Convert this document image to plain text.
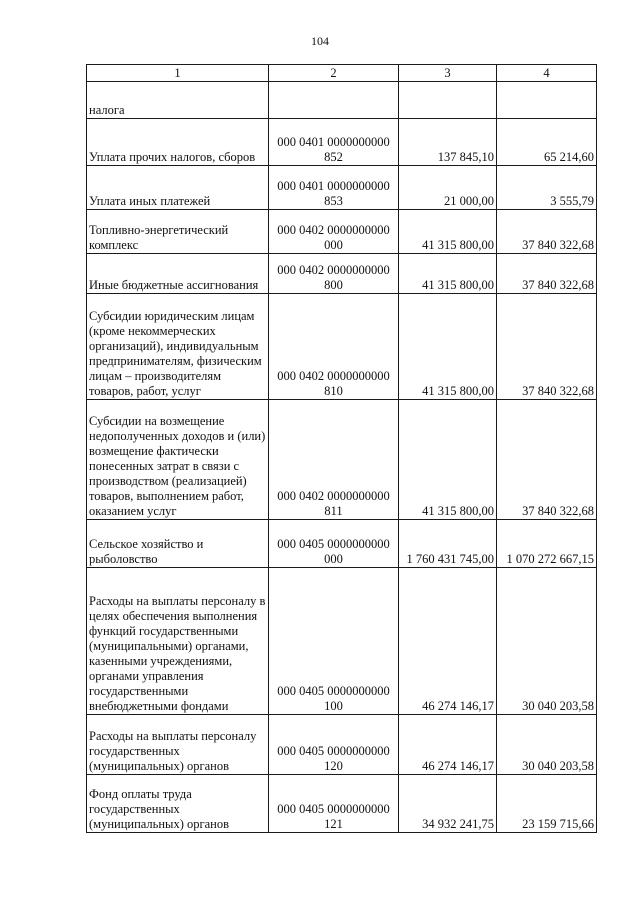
104
1	2	3	4
налога			
Уплата прочих налогов, сборов	000 0401 0000000000 852	137 845,10	65 214,60
Уплата иных платежей	000 0401 0000000000 853	21 000,00	3 555,79
Топливно-энергетический комплекс	000 0402 0000000000 000	41 315 800,00	37 840 322,68
Иные бюджетные ассигнования	000 0402 0000000000 800	41 315 800,00	37 840 322,68
Субсидии юридическим лицам (кроме некоммерческих организаций), индивидуальным предпринимателям, физическим лицам – производителям товаров, работ, услуг	000 0402 0000000000 810	41 315 800,00	37 840 322,68
Субсидии на возмещение недополученных доходов и (или) возмещение фактически понесенных затрат в связи с производством (реализацией) товаров, выполнением работ, оказанием услуг	000 0402 0000000000 811	41 315 800,00	37 840 322,68
Сельское хозяйство и рыболовство	000 0405 0000000000 000	1 760 431 745,00	1 070 272 667,15
Расходы на выплаты персоналу в целях обеспечения выполнения функций государственными (муниципальными) органами, казенными учреждениями, органами управления государственными внебюджетными фондами	000 0405 0000000000 100	46 274 146,17	30 040 203,58
Расходы на выплаты персоналу государственных (муниципальных) органов	000 0405 0000000000 120	46 274 146,17	30 040 203,58
Фонд оплаты труда государственных (муниципальных) органов	000 0405 0000000000 121	34 932 241,75	23 159 715,66
